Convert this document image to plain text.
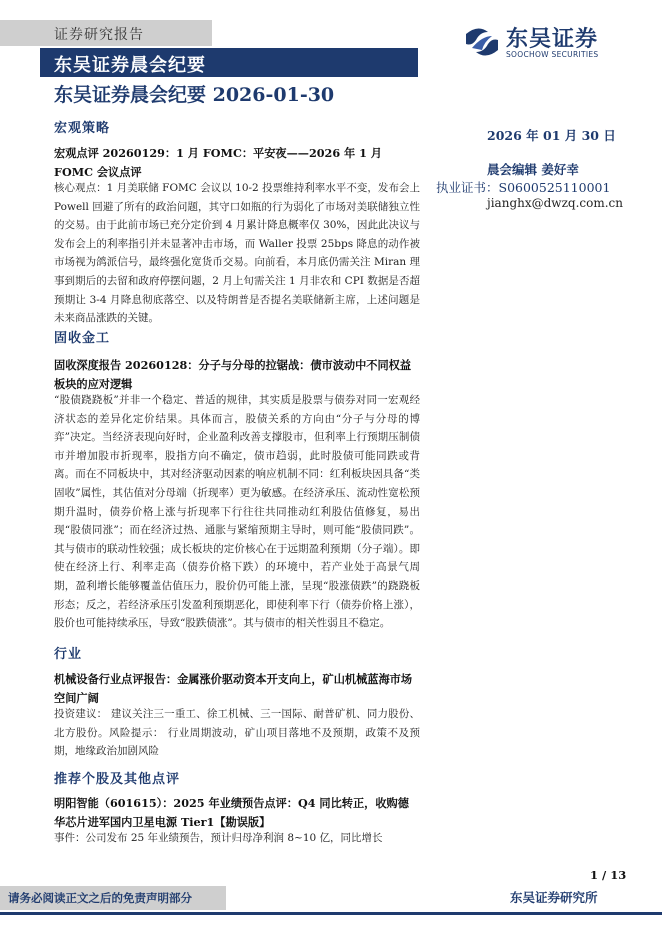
证券研究报告	东吴证券
SOOCHOW SECURITIES
东吴证券晨会纪要
东吴证券晨会纪要 2026-01-30
2026 年 01 月 30 日
晨会编辑 姜好幸
执业证书：S0600525110001
jianghx@dwzq.com.cn
宏观策略

宏观点评 20260129：1 月 FOMC：平安夜——2026 年 1 月 FOMC 会议点评

核心观点：1 月美联储 FOMC 会议以 10-2 投票维持利率水平不变，发布会上 Powell 回避了所有的政治问题，其守口如瓶的行为弱化了市场对美联储独立性的交易。由于此前市场已充分定价到 4 月累计降息概率仅 30%，因此此决议与发布会上的利率指引并未显著冲击市场，而 Waller 投票 25bps 降息的动作被市场视为鸽派信号，最终强化宽货币交易。向前看，本月底仍需关注 Miran 理事到期后的去留和政府停摆问题，2 月上旬需关注 1 月非农和 CPI 数据是否超预期让 3-4 月降息彻底落空、以及特朗普是否提名美联储新主席，上述问题是未来商品涨跌的关键。

固收金工

固收深度报告 20260128：分子与分母的拉锯战：债市波动中不同权益板块的应对逻辑

“股债跷跷板”并非一个稳定、普适的规律，其实质是股票与债券对同一宏观经济状态的差异化定价结果。具体而言，股债关系的方向由“分子与分母的博弈”决定。当经济表现向好时，企业盈利改善支撑股市，但利率上行预期压制债市并增加股市折现率，股指方向不确定，债市趋弱，此时股债可能同跌或背离。而在不同板块中，其对经济驱动因素的响应机制不同：红利板块因具备“类固收”属性，其估值对分母端（折现率）更为敏感。在经济承压、流动性宽松预期升温时，债券价格上涨与折现率下行往往共同推动红利股估值修复，易出现“股债同涨”；而在经济过热、通胀与紧缩预期主导时，则可能“股债同跌”。其与债市的联动性较强；成长板块的定价核心在于远期盈利预期（分子端）。即使在经济上行、利率走高（债券价格下跌）的环境中，若产业处于高景气周期，盈利增长能够覆盖估值压力，股价仍可能上涨，呈现“股涨债跌”的跷跷板形态；反之，若经济承压引发盈利预期恶化，即使利率下行（债券价格上涨），股价也可能持续承压，导致“股跌债涨”。其与债市的相关性弱且不稳定。

行业

机械设备行业点评报告：金属涨价驱动资本开支向上，矿山机械蓝海市场空间广阔

投资建议： 建议关注三一重工、徐工机械、三一国际、耐普矿机、同力股份、北方股份。风险提示： 行业周期波动，矿山项目落地不及预期，政策不及预期，地缘政治加剧风险

推荐个股及其他点评

明阳智能（601615）：2025 年业绩预告点评：Q4 同比转正，收购德华芯片进军国内卫星电源 Tier1【勘误版】

事件：公司发布 25 年业绩预告，预计归母净利润 8~10 亿，同比增长

1 / 13
请务必阅读正文之后的免责声明部分	东吴证券研究所
